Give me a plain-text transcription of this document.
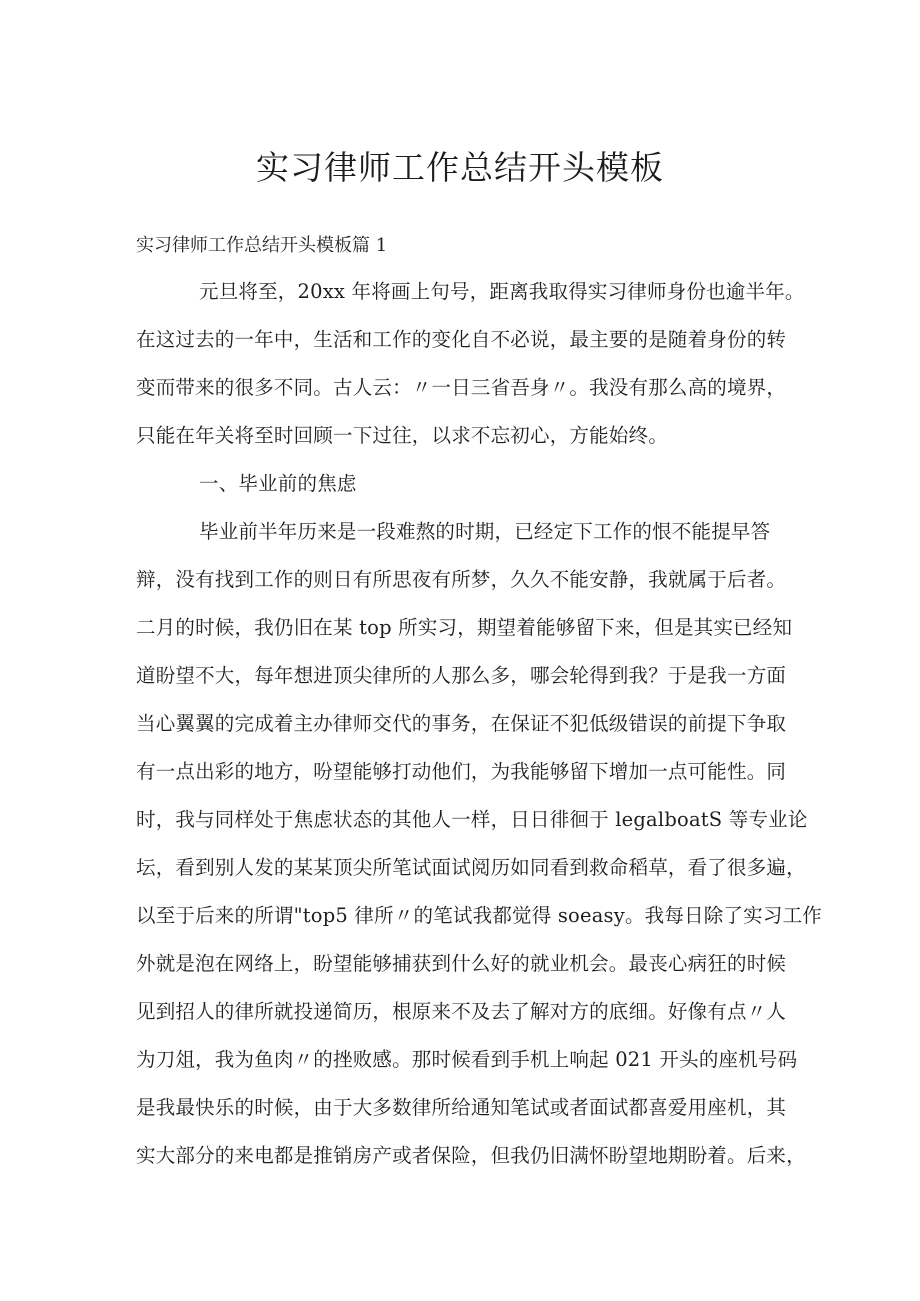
实习律师工作总结开头模板
实习律师工作总结开头模板篇 1
元旦将至，20xx 年将画上句号，距离我取得实习律师身份也逾半年。
在这过去的一年中，生活和工作的变化自不必说，最主要的是随着身份的转
变而带来的很多不同。古人云：〃一日三省吾身〃。我没有那么高的境界，
只能在年关将至时回顾一下过往，以求不忘初心，方能始终。
一、毕业前的焦虑
毕业前半年历来是一段难熬的时期，已经定下工作的恨不能提早答
辩，没有找到工作的则日有所思夜有所梦，久久不能安静，我就属于后者。
二月的时候，我仍旧在某 top 所实习，期望着能够留下来，但是其实已经知
道盼望不大，每年想进顶尖律所的人那么多，哪会轮得到我？于是我一方面
当心翼翼的完成着主办律师交代的事务，在保证不犯低级错误的前提下争取
有一点出彩的地方，吩望能够打动他们，为我能够留下增加一点可能性。同
时，我与同样处于焦虑状态的其他人一样，日日徘徊于 legalboatS 等专业论
坛，看到别人发的某某顶尖所笔试面试阅历如同看到救命稻草，看了很多遍，
以至于后来的所谓"top5 律所〃的笔试我都觉得 soeasy。我每日除了实习工作
外就是泡在网络上，盼望能够捕获到什么好的就业机会。最丧心病狂的时候
见到招人的律所就投递简历，根原来不及去了解对方的底细。好像有点〃人
为刀俎，我为鱼肉〃的挫败感。那时候看到手机上响起 021 开头的座机号码
是我最快乐的时候，由于大多数律所给通知笔试或者面试都喜爱用座机，其
实大部分的来电都是推销房产或者保险，但我仍旧满怀盼望地期盼着。后来，
